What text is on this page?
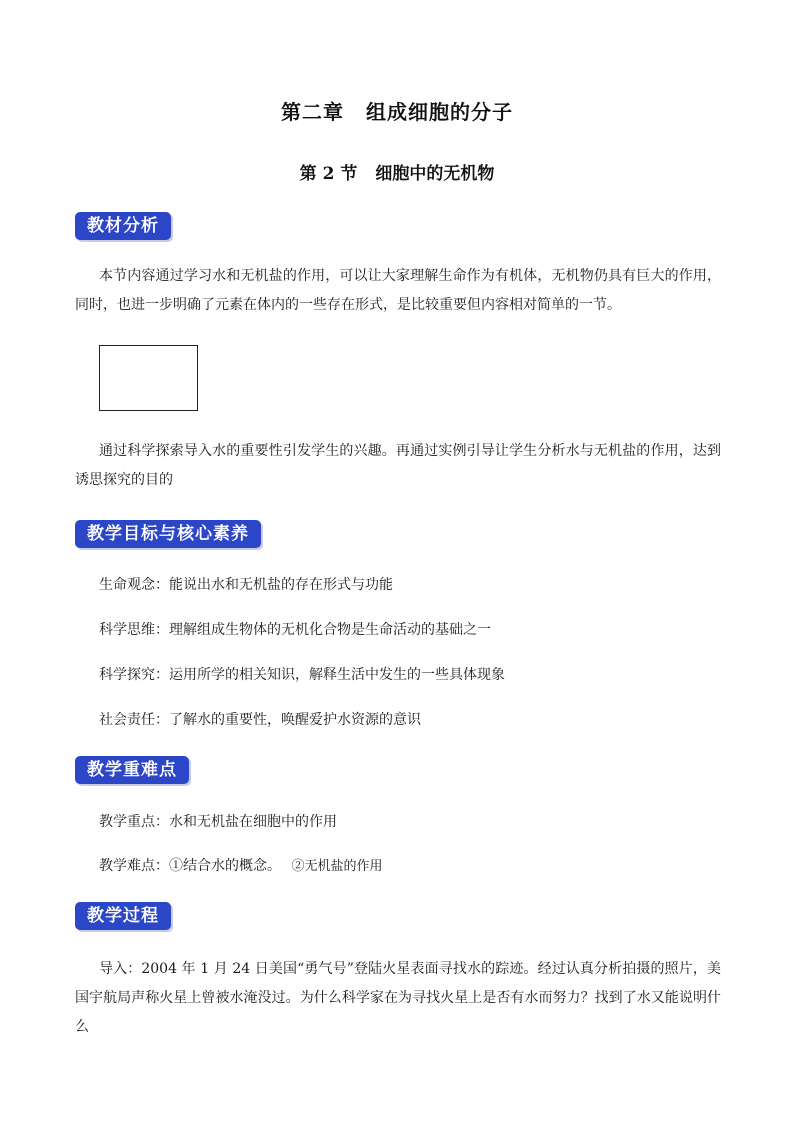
第二章 组成细胞的分子
第 2 节 细胞中的无机物
教材分析

本节内容通过学习水和无机盐的作用，可以让大家理解生命作为有机体，无机物仍具有巨大的作用，同时，也进一步明确了元素在体内的一些存在形式，是比较重要但内容相对简单的一节。

通过科学探索导入水的重要性引发学生的兴趣。再通过实例引导让学生分析水与无机盐的作用，达到诱思探究的目的

教学目标与核心素养
生命观念：能说出水和无机盐的存在形式与功能
科学思维：理解组成生物体的无机化合物是生命活动的基础之一
科学探究：运用所学的相关知识，解释生活中发生的一些具体现象
社会责任：了解水的重要性，唤醒爱护水资源的意识
教学重难点
教学重点：水和无机盐在细胞中的作用
教学难点：①结合水的概念。 ②无机盐的作用
教学过程

导入：2004 年 1 月 24 日美国“勇气号”登陆火星表面寻找水的踪迹。经过认真分析拍摄的照片，美国宇航局声称火星上曾被水淹没过。为什么科学家在为寻找火星上是否有水而努力？找到了水又能说明什么
